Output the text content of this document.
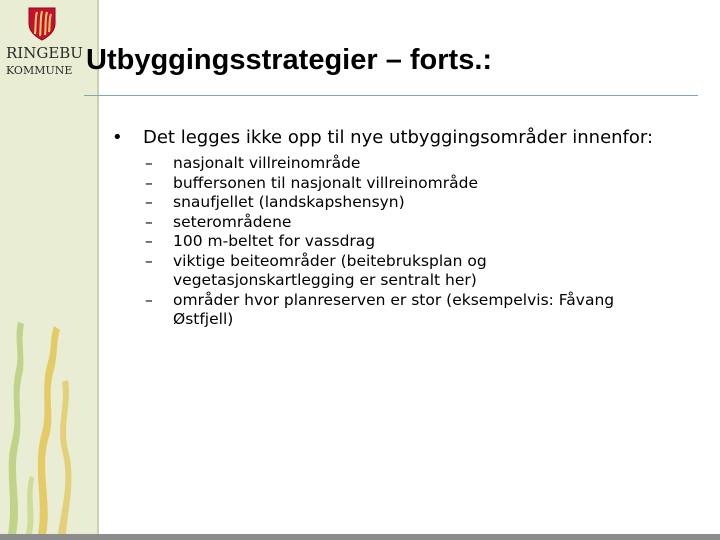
RINGEBU
KOMMUNE Utbyggingsstrategier – forts.:

• Det legges ikke opp til nye utbyggingsområder innenfor:

– nasjonalt villreinområde
– buffersonen til nasjonalt villreinområde
– snaufjellet (landskapshensyn)
– seterområdene
– 100 m-beltet for vassdrag
– viktige beiteområder (beitebruksplan og vegetasjonskartlegging er sentralt her)
– områder hvor planreserven er stor (eksempelvis: Fåvang Østfjell)
